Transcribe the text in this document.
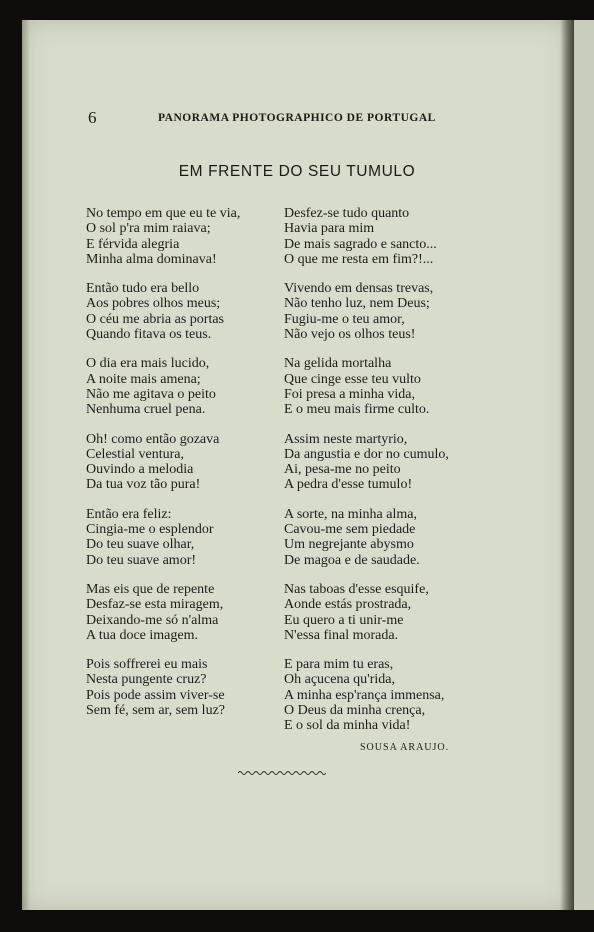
6	PANORAMA PHOTOGRAPHICO DE PORTUGAL
EM FRENTE DO SEU TUMULO
No tempo em que eu te via,
O sol p'ra mim raiava;
E férvida alegria
Minha alma dominava!
Então tudo era bello
Aos pobres olhos meus;
O céu me abria as portas
Quando fitava os teus.
O dia era mais lucido,
A noite mais amena;
Não me agitava o peito
Nenhuma cruel pena.
Oh! como então gozava
Celestial ventura,
Ouvindo a melodia
Da tua voz tão pura!
Então era feliz:
Cingia-me o esplendor
Do teu suave olhar,
Do teu suave amor!
Mas eis que de repente
Desfaz-se esta miragem,
Deixando-me só n'alma
A tua doce imagem.
Pois soffrerei eu mais
Nesta pungente cruz?
Pois pode assim viver-se
Sem fé, sem ar, sem luz?
Desfez-se tudo quanto
Havia para mim
De mais sagrado e sancto...
O que me resta em fim?!...
Vivendo em densas trevas,
Não tenho luz, nem Deus;
Fugiu-me o teu amor,
Não vejo os olhos teus!
Na gelida mortalha
Que cinge esse teu vulto
Foi presa a minha vida,
E o meu mais firme culto.
Assim neste martyrio,
Da angustia e dor no cumulo,
Ai, pesa-me no peito
A pedra d'esse tumulo!
A sorte, na minha alma,
Cavou-me sem piedade
Um negrejante abysmo
De magoa e de saudade.
Nas taboas d'esse esquife,
Aonde estás prostrada,
Eu quero a ti unir-me
N'essa final morada.
E para mim tu eras,
Oh açucena qu'rida,
A minha esp'rança immensa,
O Deus da minha crença,
E o sol da minha vida!
SOUSA ARAUJO.
